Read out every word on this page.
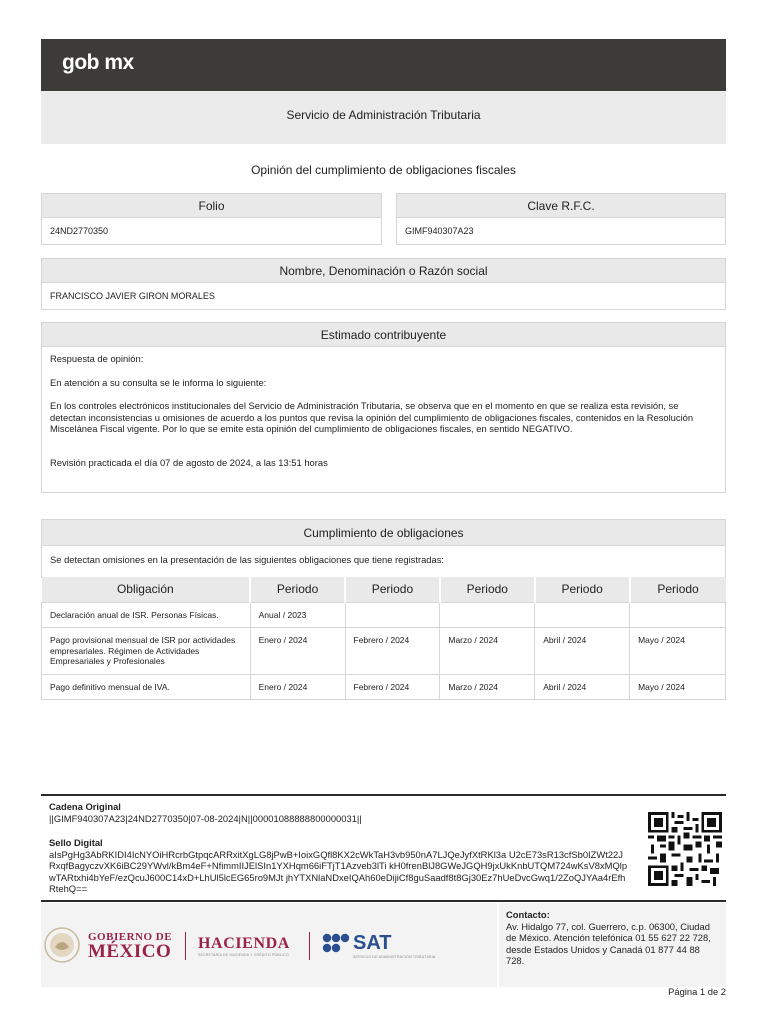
gob mx
Servicio de Administración Tributaria
Opinión del cumplimiento de obligaciones fiscales
Folio
24ND2770350
Clave R.F.C.
GIMF940307A23
Nombre, Denominación o Razón social
FRANCISCO JAVIER GIRON MORALES
Estimado contribuyente

Respuesta de opinión:

En atención a su consulta se le informa lo siguiente:

En los controles electrónicos institucionales del Servicio de Administración Tributaria, se observa que en el momento en que se realiza esta revisión, se detectan inconsistencias u omisiones de acuerdo a los puntos que revisa la opinión del cumplimiento de obligaciones fiscales, contenidos en la Resolución Miscelánea Fiscal vigente. Por lo que se emite esta opinión del cumplimiento de obligaciones fiscales, en sentido NEGATIVO.

Revisión practicada el día 07 de agosto de 2024, a las 13:51 horas

Cumplimiento de obligaciones
Se detectan omisiones en la presentación de las siguientes obligaciones que tiene registradas:
Obligación	Periodo	Periodo	Periodo	Periodo	Periodo
Declaración anual de ISR. Personas Físicas.	Anual / 2023				
Pago provisional mensual de ISR por actividades empresariales. Régimen de Actividades Empresariales y Profesionales	Enero / 2024	Febrero / 2024	Marzo / 2024	Abril / 2024	Mayo / 2024
Pago definitivo mensual de IVA.	Enero / 2024	Febrero / 2024	Marzo / 2024	Abril / 2024	Mayo / 2024
Cadena Original
||GIMF940307A23|24ND2770350|07-08-2024|N||00001088888800000031||
Sello Digital
aIsPgHg3AbRKIDI4IcNYOiHRcrbGtpqcARRxitXgLG8jPwB+IoixGQfl8KX2cWkTaH3vb950nA7LJQeJyfXtRKl3a U2cE73sR13cfSb0IZWt22JRxqfBagyczvXK6iBC29YWvl/kBm4eF+NfimmIIJElSIn1YXHqm66iFTjT1Azveb3lTi kH0frenBlJ8GWeJGQH9jxUkKnbUTQM724wKsV8xMQlpwTARtxhi4bYeF/ezQcuJ600C14xD+LhUl5lcEG65ro9MJt jhYTXNlaNDxeIQAh60eDijiCf8guSaadf8t8Gj30Ez7hUeDvcGwq1/2ZoQJYAa4rEfhRtehQ==
GOBIERNO DE
MÉXICO HACIENDA
SECRETARÍA DE HACIENDA Y CRÉDITO PÚBLICO
SAT
SERVICIO DE ADMINISTRACIÓN TRIBUTARIA
Contacto:
Av. Hidalgo 77, col. Guerrero, c.p. 06300, Ciudad de México. Atención telefónica 01 55 627 22 728, desde Estados Unidos y Canadá 01 877 44 88 728.
Página 1 de 2
